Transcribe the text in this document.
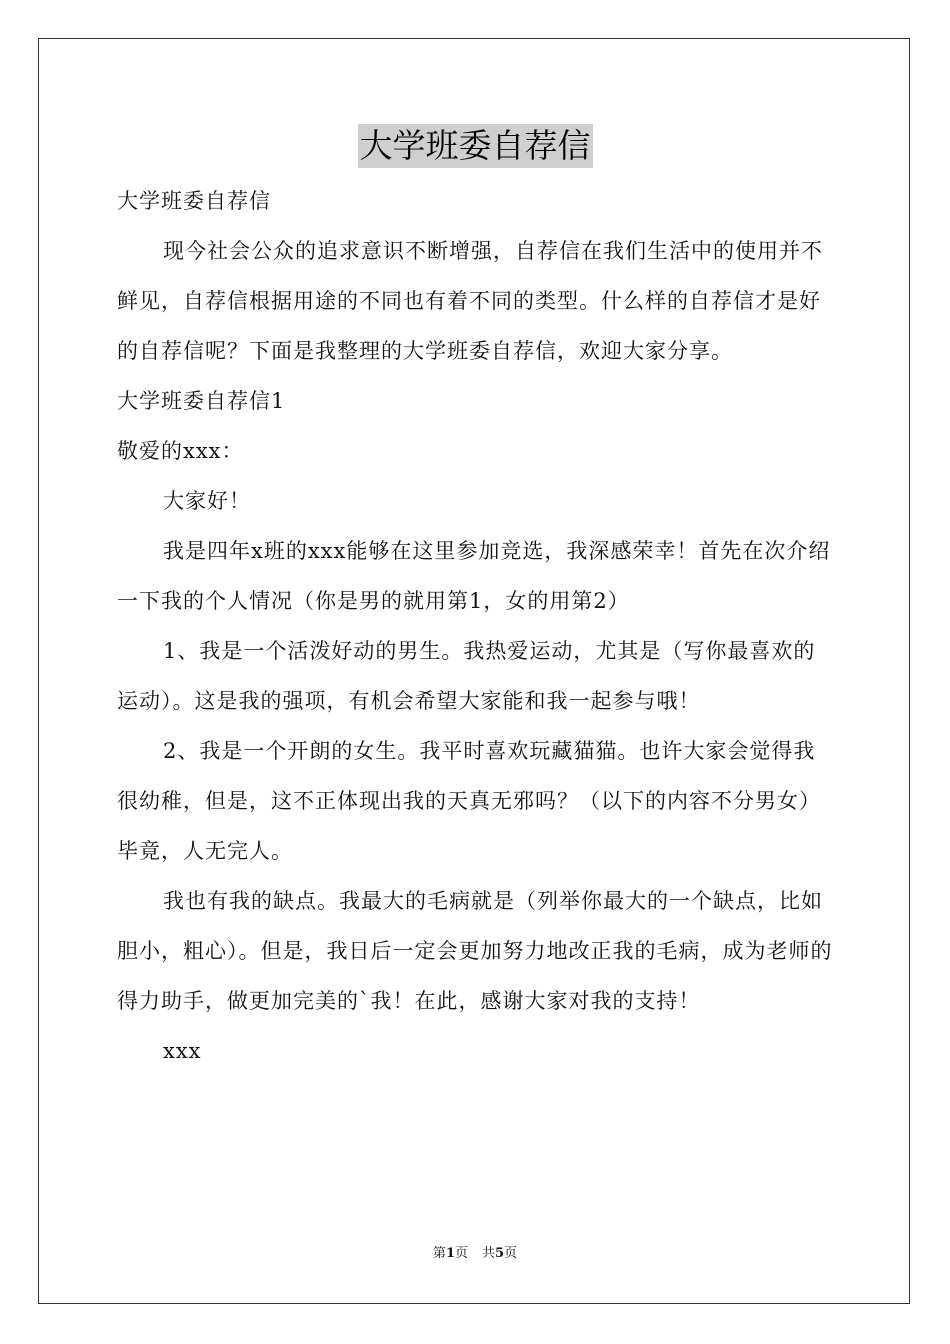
大学班委自荐信

大学班委自荐信

现今社会公众的追求意识不断增强，自荐信在我们生活中的使用并不鲜见，自荐信根据用途的不同也有着不同的类型。什么样的自荐信才是好的自荐信呢？下面是我整理的大学班委自荐信，欢迎大家分享。

大学班委自荐信1

敬爱的xxx：

大家好！

我是四年x班的xxx能够在这里参加竞选，我深感荣幸！首先在次介绍一下我的个人情况（你是男的就用第1，女的用第2）

1、我是一个活泼好动的男生。我热爱运动，尤其是（写你最喜欢的运动）。这是我的强项，有机会希望大家能和我一起参与哦！

2、我是一个开朗的女生。我平时喜欢玩藏猫猫。也许大家会觉得我很幼稚，但是，这不正体现出我的天真无邪吗？（以下的内容不分男女）毕竟，人无完人。

我也有我的缺点。我最大的毛病就是（列举你最大的一个缺点，比如胆小，粗心）。但是，我日后一定会更加努力地改正我的毛病，成为老师的得力助手，做更加完美的`我！在此，感谢大家对我的支持！

xxx

第1页 共5页
